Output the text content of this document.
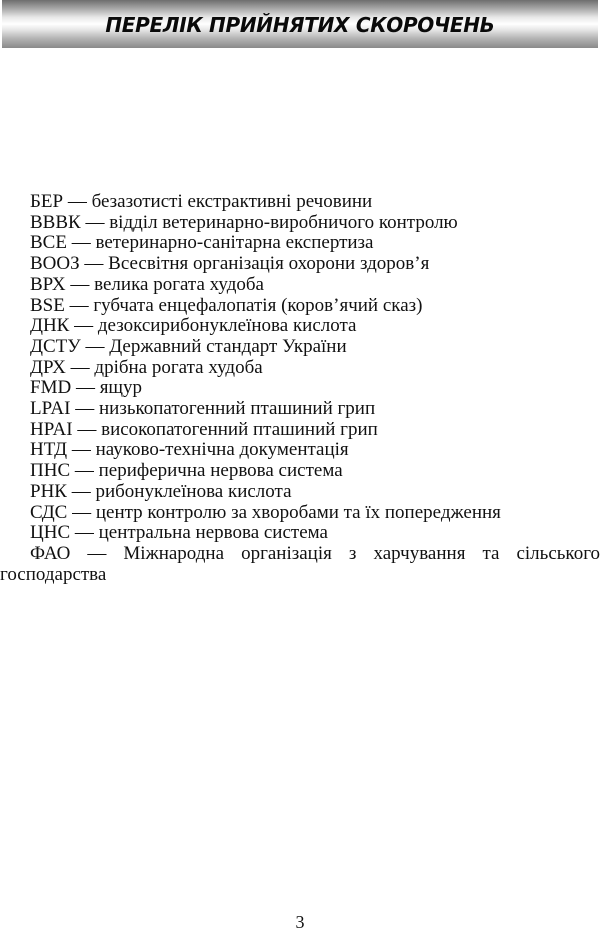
ПЕРЕЛІК ПРИЙНЯТИХ СКОРОЧЕНЬ
БЕР — безазотисті екстрактивні речовини
ВВВК — відділ ветеринарно-виробничого контролю
ВСЕ — ветеринарно-санітарна експертиза
ВООЗ — Всесвітня організація охорони здоров’я
ВРХ — велика рогата худоба
BSE — губчата енцефалопатія (коров’ячий сказ)
ДНК — дезоксирибонуклеїнова кислота
ДСТУ — Державний стандарт України
ДРХ — дрібна рогата худоба
FMD — ящур
LPAI — низькопатогенний пташиний грип
HPAI — високопатогенний пташиний грип
НТД — науково-технічна документація
ПНС — периферична нервова система
РНК — рибонуклеїнова кислота
СДС — центр контролю за хворобами та їх попередження
ЦНС — центральна нервова система
ФАО — Міжнародна організація з харчування та сільського господарства
3
